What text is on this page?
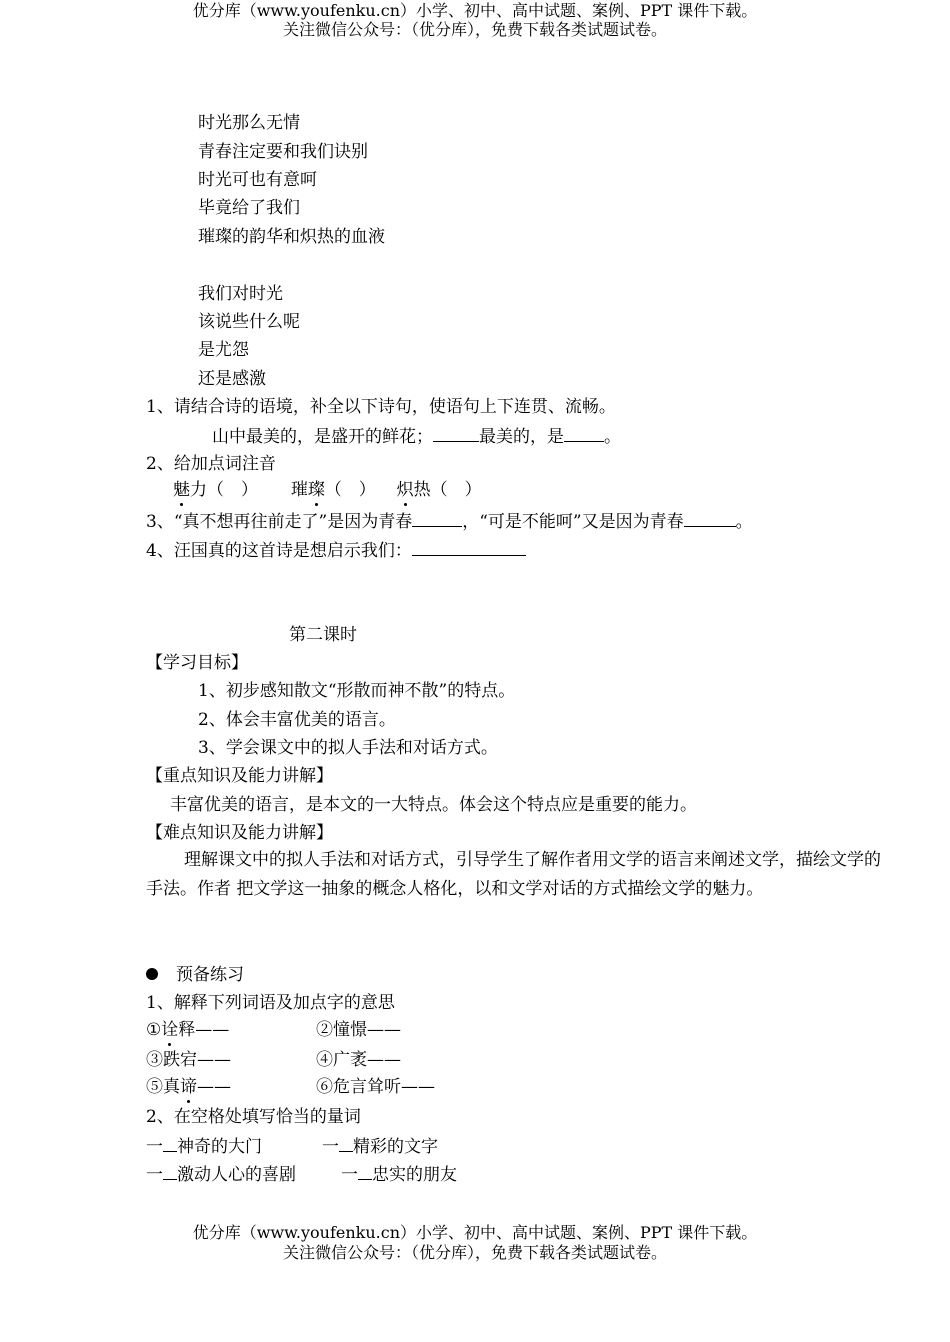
优分库（www.youfenku.cn）小学、初中、高中试题、案例、PPT 课件下载。
关注微信公众号：（优分库），免费下载各类试题试卷。
时光那么无情
青春注定要和我们诀别
时光可也有意呵
毕竟给了我们
璀璨的韵华和炽热的血液
我们对时光
该说些什么呢
是尤怨
还是感激
1、请结合诗的语境，补全以下诗句，使语句上下连贯、流畅。
山中最美的，是盛开的鲜花；	最美的，是 。
2、给加点词注音
魅力（　） 璀璨（　） 炽热（　）
3、“真不想再往前走了”是因为青春	，“可是不能呵”又是因为青春	。
4、汪国真的这首诗是想启示我们：
第二课时
【学习目标】
1、初步感知散文“形散而神不散”的特点。
2、体会丰富优美的语言。
3、学会课文中的拟人手法和对话方式。
【重点知识及能力讲解】
丰富优美的语言，是本文的一大特点。体会这个特点应是重要的能力。
【难点知识及能力讲解】
理解课文中的拟人手法和对话方式，引导学生了解作者用文学的语言来阐述文学，描绘文学的手法。作者 把文学这一抽象的概念人格化，以和文学对话的方式描绘文学的魅力。
预备练习
1、解释下列词语及加点字的意思
①诠释——	②憧憬——
③跌宕——	④广袤——
⑤真谛——	⑥危言耸听——
2、在空格处填写恰当的量词
一 神奇的大门	一 精彩的文字
一 激动人心的喜剧	一 忠实的朋友
优分库（www.youfenku.cn）小学、初中、高中试题、案例、PPT 课件下载。
关注微信公众号：（优分库），免费下载各类试题试卷。
